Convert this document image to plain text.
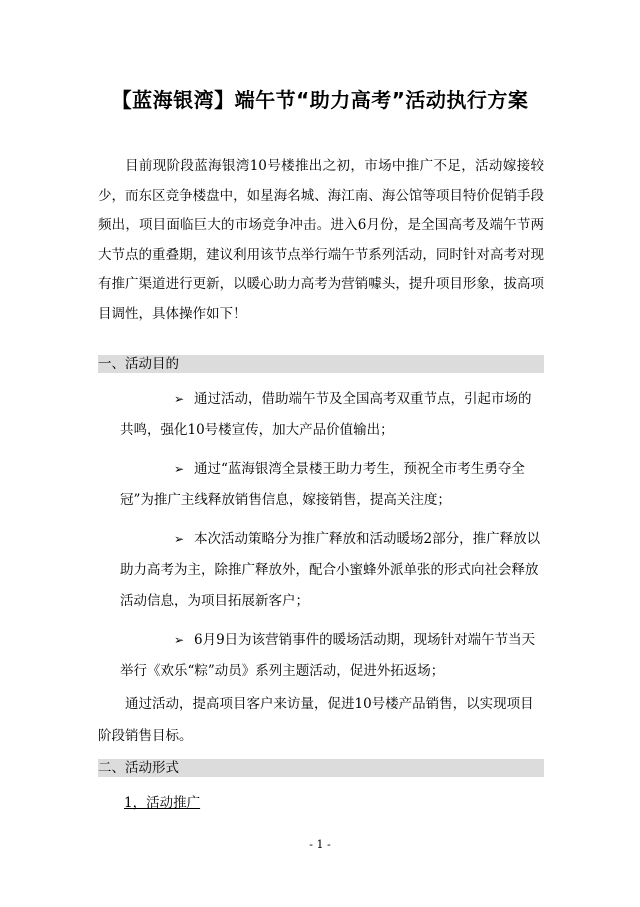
【蓝海银湾】端午节“助力高考”活动执行方案
目前现阶段蓝海银湾10号楼推出之初，市场中推广不足，活动嫁接较少，而东区竞争楼盘中，如星海名城、海江南、海公馆等项目特价促销手段频出，项目面临巨大的市场竞争冲击。进入6月份，是全国高考及端午节两大节点的重叠期，建议利用该节点举行端午节系列活动，同时针对高考对现有推广渠道进行更新，以暖心助力高考为营销噱头，提升项目形象，拔高项目调性，具体操作如下！
一、活动目的

➢ 通过活动，借助端午节及全国高考双重节点，引起市场的共鸣，强化10号楼宣传，加大产品价值输出；

➢ 通过“蓝海银湾全景楼王助力考生，预祝全市考生勇夺全冠”为推广主线释放销售信息，嫁接销售，提高关注度；

➢ 本次活动策略分为推广释放和活动暖场2部分，推广释放以助力高考为主，除推广释放外，配合小蜜蜂外派单张的形式向社会释放活动信息，为项目拓展新客户；

➢ 6月9日为该营销事件的暖场活动期，现场针对端午节当天举行《欢乐“粽”动员》系列主题活动，促进外拓返场；

通过活动，提高项目客户来访量，促进10号楼产品销售，以实现项目阶段销售目标。
二、活动形式
1，活动推广
- 1 -
